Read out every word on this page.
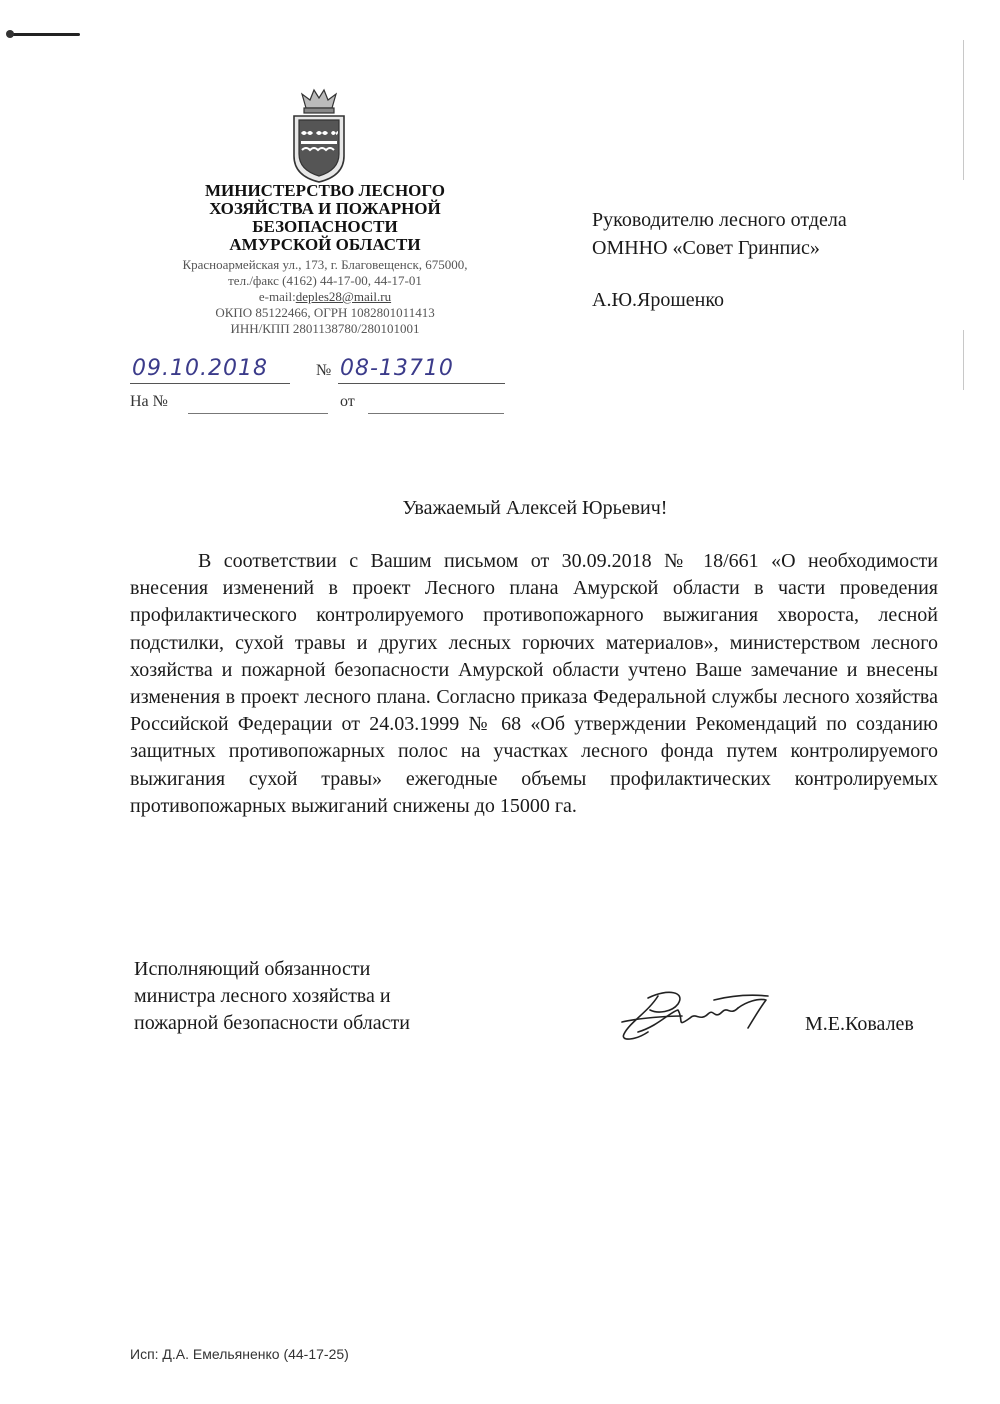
МИНИСТЕРСТВО ЛЕСНОГО
ХОЗЯЙСТВА И ПОЖАРНОЙ
БЕЗОПАСНОСТИ
АМУРСКОЙ ОБЛАСТИ
Красноармейская ул., 173, г. Благовещенск, 675000,
тел./факс (4162) 44-17-00, 44-17-01
e-mail:deples28@mail.ru
ОКПО 85122466, ОГРН 1082801011413
ИНН/КПП 2801138780/280101001
09.10.2018	№ 08-13710
На №	от
Руководителю лесного отдела
ОМННО «Совет Гринпис»
А.Ю.Ярошенко
Уважаемый Алексей Юрьевич!

В соответствии с Вашим письмом от 30.09.2018 № 18/661 «О необходимости внесения изменений в проект Лесного плана Амурской области в части проведения профилактического контролируемого противопожарного выжигания хвороста, лесной подстилки, сухой травы и других лесных горючих материалов», министерством лесного хозяйства и пожарной безопасности Амурской области учтено Ваше замечание и внесены изменения в проект лесного плана. Согласно приказа Федеральной службы лесного хозяйства Российской Федерации от 24.03.1999 № 68 «Об утверждении Рекомендаций по созданию защитных противопожарных полос на участках лесного фонда путем контролируемого выжигания сухой травы» ежегодные объемы профилактических контролируемых противопожарных выжиганий снижены до 15000 га.

Исполняющий обязанности
министра лесного хозяйства и
пожарной безопасности области	М.Е.Ковалев
Исп: Д.А. Емельяненко (44-17-25)
